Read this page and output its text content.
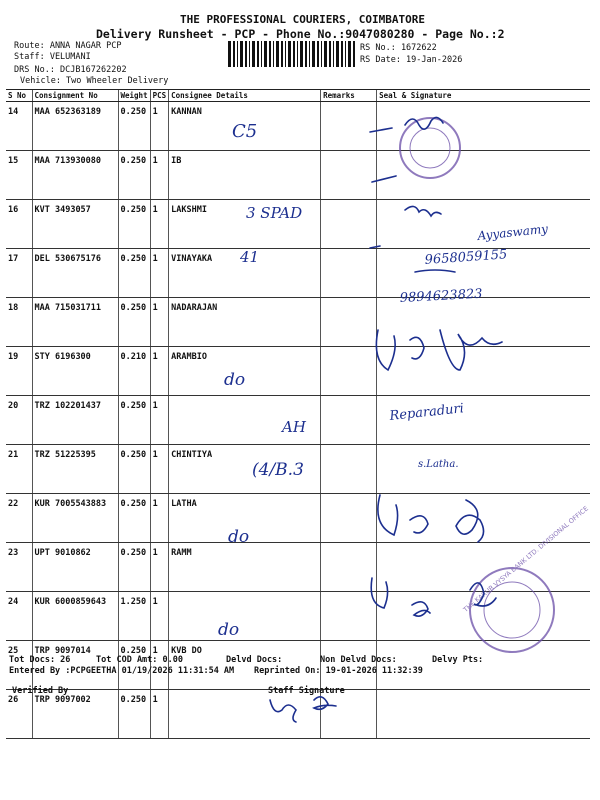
THE PROFESSIONAL COURIERS, COIMBATORE
Delivery Runsheet - PCP - Phone No.:9047080280 - Page No.:2
Route: ANNA NAGAR PCP
Staff: VELUMANI
DRS No.: DCJB167262202
Vehicle: Two Wheeler Delivery
RS No.: 1672622
RS Date: 19-Jan-2026
S No	Consignment No	Weight	PCS	Consignee Details	Remarks	Seal & Signature
14	MAA 652363189	0.250	1	KANNAN		
15	MAA 713930080	0.250	1	IB		
16	KVT 3493057	0.250	1	LAKSHMI		
17	DEL 530675176	0.250	1	VINAYAKA		
18	MAA 715031711	0.250	1	NADARAJAN		
19	STY 6196300	0.210	1	ARAMBIO		
20	TRZ 102201437	0.250	1			
21	TRZ 51225395	0.250	1	CHINTIYA		
22	KUR 7005543883	0.250	1	LATHA		
23	UPT 9010862	0.250	1	RAMM		
24	KUR 6000859643	1.250	1			
25	TRP 9097014	0.250	1	KVB DO		
26	TRP 9097002	0.250	1			
THE KARUR VYSYA BANK LTD. DIVISIONAL OFFICE
C5
3 SPAD
41
Ayyaswamy
9658059155
9894623823
do
AH
Reparaduri
(4/B.3	s.Latha.
do
do
Tot Docs: 26	Tot COD Amt: 0.00	Delvd Docs:	Non Delvd Docs:	Delvy Pts:
Entered By :PCPGEETHA 01/19/2026 11:31:54 AM Reprinted On: 19-01-2026 11:32:39
Verified By	Staff Signature
